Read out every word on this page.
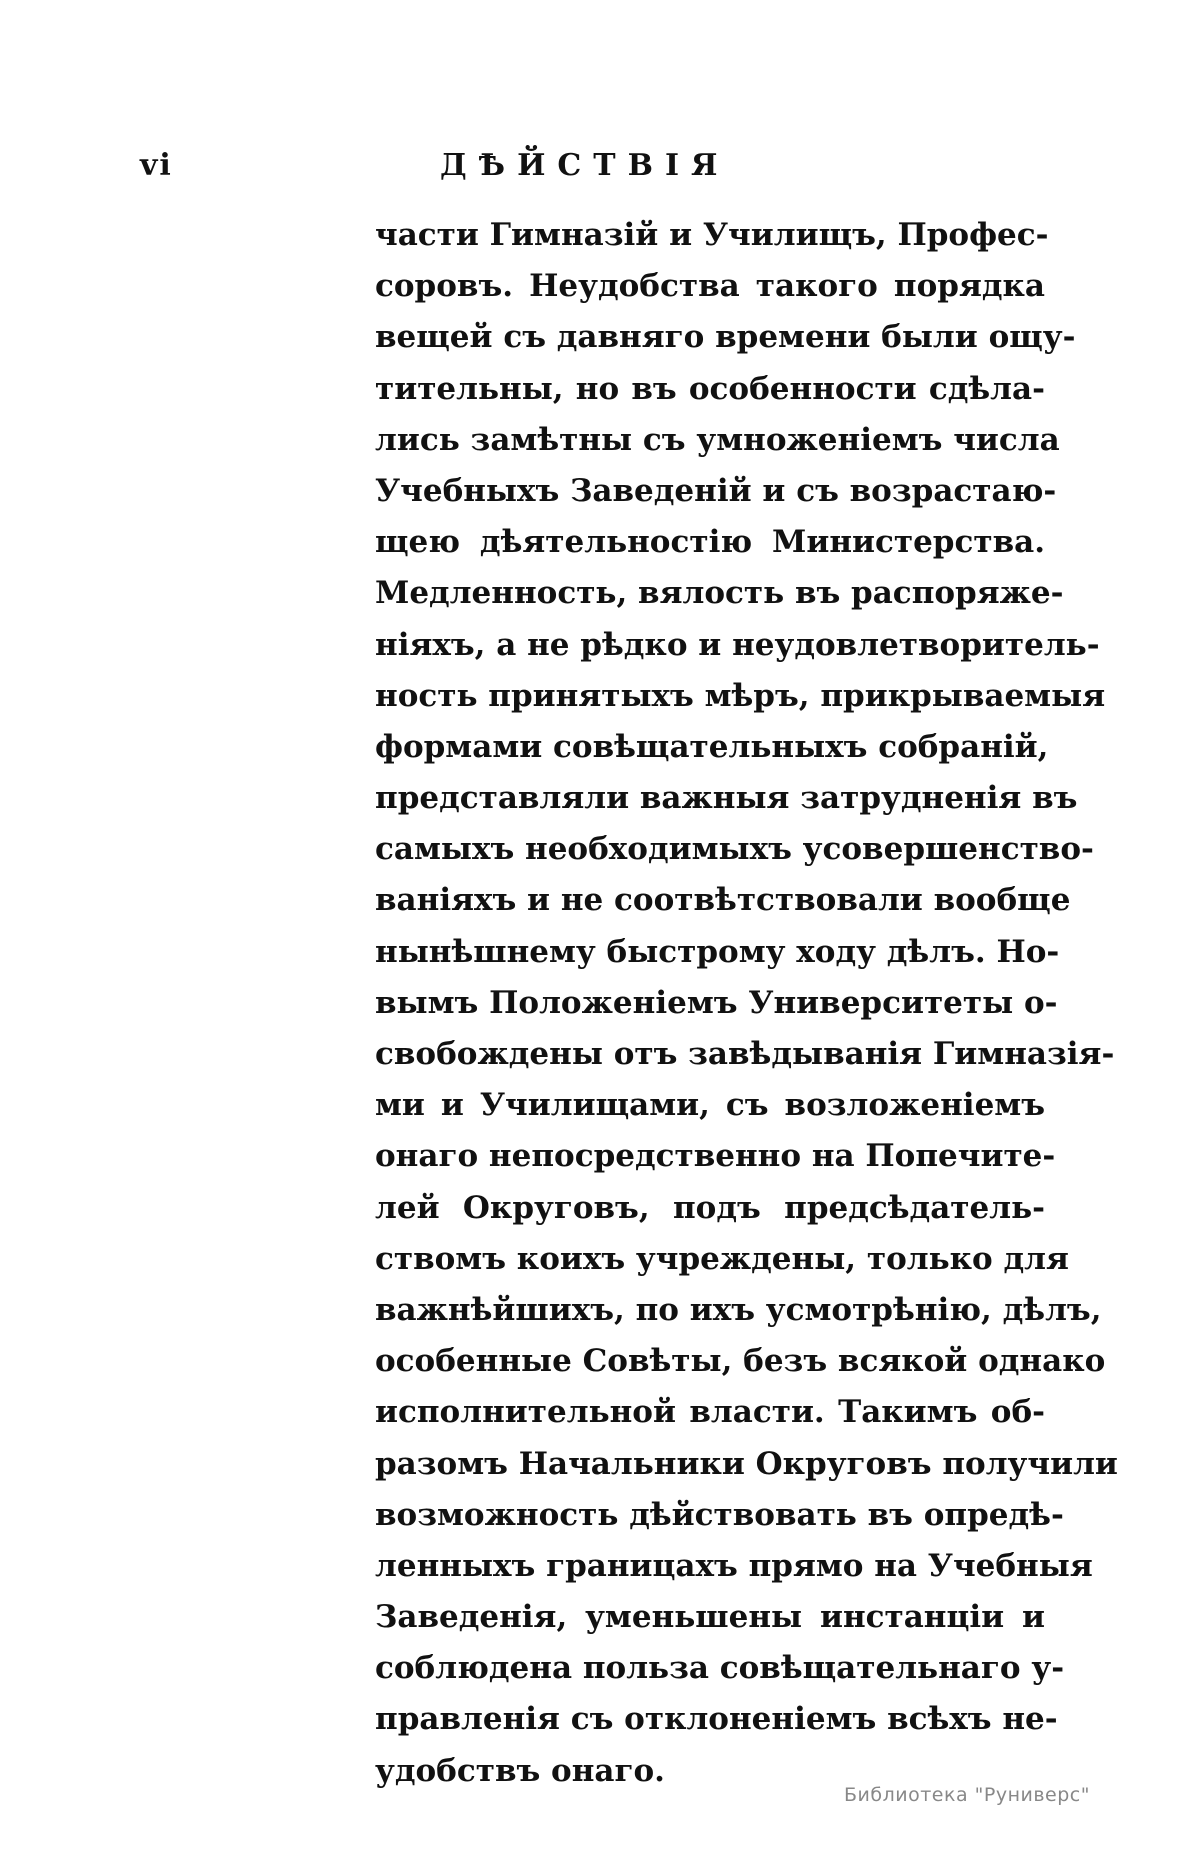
vi	ДѢЙСТВІЯ
части Гимназій и Училищъ, Профес-
соровъ. Неудобства такого порядка
вещей съ давняго времени были ощу-
тительны, но въ особенности сдѣла-
лись замѣтны съ умноженіемъ числа
Учебныхъ Заведеній и съ возрастаю-
щею дѣятельностію Министерства.
Медленность, вялость въ распоряже-
ніяхъ, а не рѣдко и неудовлетворитель-
ность принятыхъ мѣръ, прикрываемыя
формами совѣщательныхъ собраній,
представляли важныя затрудненія въ
самыхъ необходимыхъ усовершенство-
ваніяхъ и не соотвѣтствовали вообще
нынѣшнему быстрому ходу дѣлъ. Но-
вымъ Положеніемъ Университеты о-
свобождены отъ завѣдыванія Гимназія-
ми и Училищами, съ возложеніемъ
онаго непосредственно на Попечите-
лей Округовъ, подъ предсѣдатель-
ствомъ коихъ учреждены, только для
важнѣйшихъ, по ихъ усмотрѣнію, дѣлъ,
особенные Совѣты, безъ всякой однако
исполнительной власти. Такимъ об-
разомъ Начальники Округовъ получили
возможность дѣйствовать въ опредѣ-
ленныхъ границахъ прямо на Учебныя
Заведенія, уменьшены инстанціи и
соблюдена польза совѣщательнаго у-
правленія съ отклоненіемъ всѣхъ не-
удобствъ онаго.
Библиотека "Руниверс"
